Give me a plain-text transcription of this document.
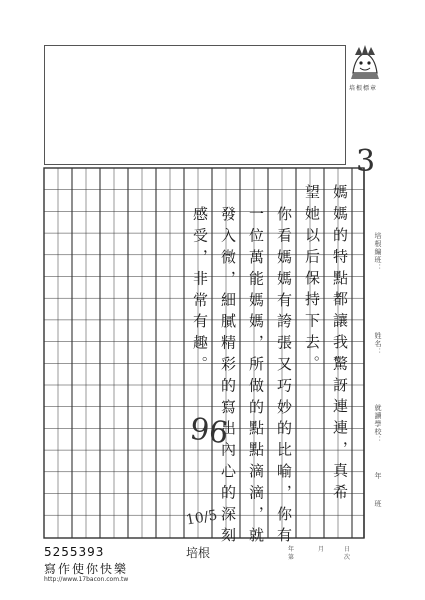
培根標章
3
培根編班：
姓名：
就讀學校：
年
班
年
第
月	日
次
媽媽的特點都讓我驚訝連連，真希
望她以后保持下去。
你看媽媽有誇張又巧妙的比喻，你有
一位萬能媽媽，所做的點點滴滴，就
發入微，細膩精彩的寫出內心的深刻
感受，非常有趣。
96
10/5
培根
5255393
寫作使你快樂
http://www.17bacon.com.tw
